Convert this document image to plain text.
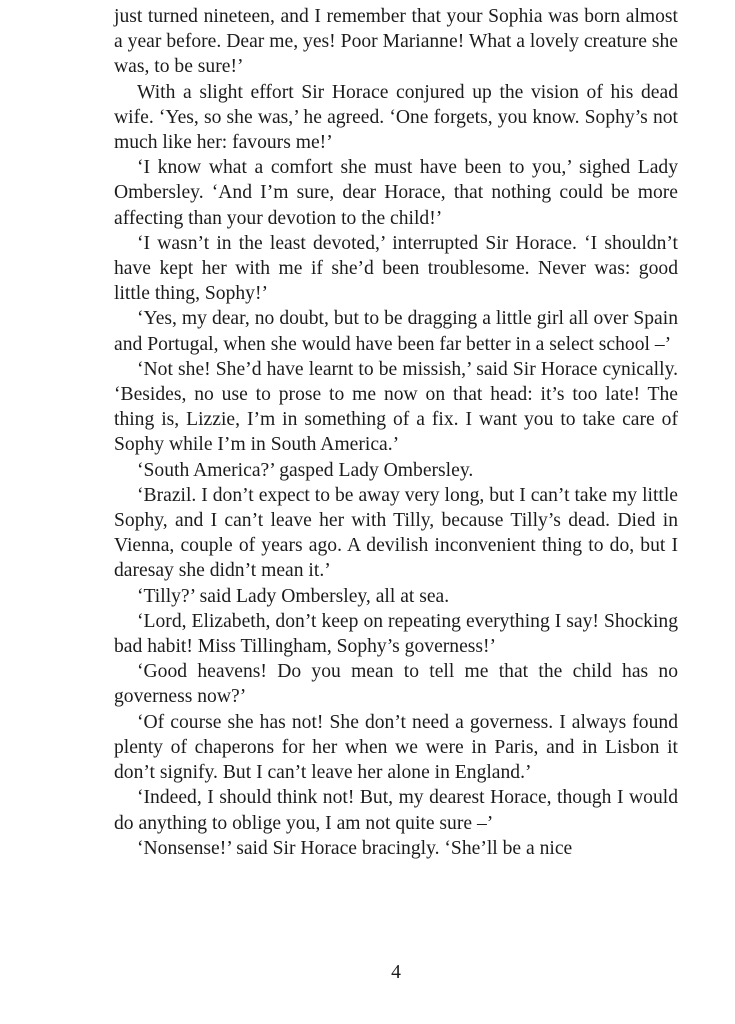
just turned nineteen, and I remember that your Sophia was born almost a year before. Dear me, yes! Poor Marianne! What a lovely creature she was, to be sure!’

With a slight effort Sir Horace conjured up the vision of his dead wife. ‘Yes, so she was,’ he agreed. ‘One forgets, you know. Sophy’s not much like her: favours me!’

‘I know what a comfort she must have been to you,’ sighed Lady Ombersley. ‘And I’m sure, dear Horace, that nothing could be more affecting than your devotion to the child!’

‘I wasn’t in the least devoted,’ interrupted Sir Horace. ‘I shouldn’t have kept her with me if she’d been troublesome. Never was: good little thing, Sophy!’

‘Yes, my dear, no doubt, but to be dragging a little girl all over Spain and Portugal, when she would have been far better in a select school –’

‘Not she! She’d have learnt to be missish,’ said Sir Horace cynically. ‘Besides, no use to prose to me now on that head: it’s too late! The thing is, Lizzie, I’m in something of a fix. I want you to take care of Sophy while I’m in South America.’

‘South America?’ gasped Lady Ombersley.

‘Brazil. I don’t expect to be away very long, but I can’t take my little Sophy, and I can’t leave her with Tilly, because Tilly’s dead. Died in Vienna, couple of years ago. A devilish inconvenient thing to do, but I daresay she didn’t mean it.’

‘Tilly?’ said Lady Ombersley, all at sea.

‘Lord, Elizabeth, don’t keep on repeating everything I say! Shocking bad habit! Miss Tillingham, Sophy’s governess!’

‘Good heavens! Do you mean to tell me that the child has no governess now?’

‘Of course she has not! She don’t need a governess. I always found plenty of chaperons for her when we were in Paris, and in Lisbon it don’t signify. But I can’t leave her alone in England.’

‘Indeed, I should think not! But, my dearest Horace, though I would do anything to oblige you, I am not quite sure –’

‘Nonsense!’ said Sir Horace bracingly. ‘She’ll be a nice

4
